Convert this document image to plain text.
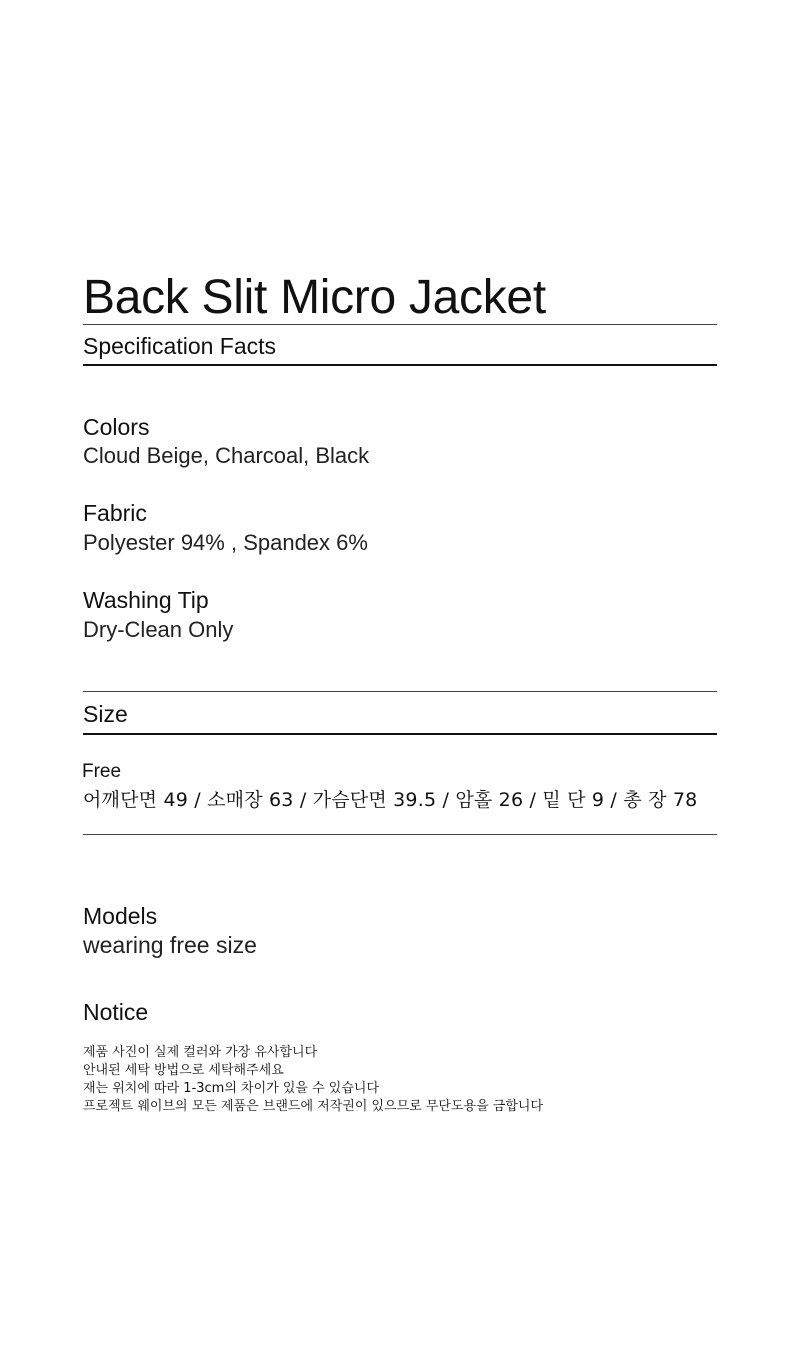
Back Slit Micro Jacket
Specification Facts
Colors
Cloud Beige, Charcoal, Black
Fabric
Polyester 94% , Spandex 6%
Washing Tip
Dry-Clean Only
Size
Free
어깨단면 49 / 소매장 63 / 가슴단면 39.5 / 암홀 26 / 밑 단 9 / 총 장 78
Models
wearing free size
Notice
제품 사진이 실제 컬러와 가장 유사합니다
안내된 세탁 방법으로 세탁해주세요
재는 위치에 따라 1-3cm의 차이가 있을 수 있습니다
프로젝트 웨이브의 모든 제품은 브랜드에 저작권이 있으므로 무단도용을 금합니다
